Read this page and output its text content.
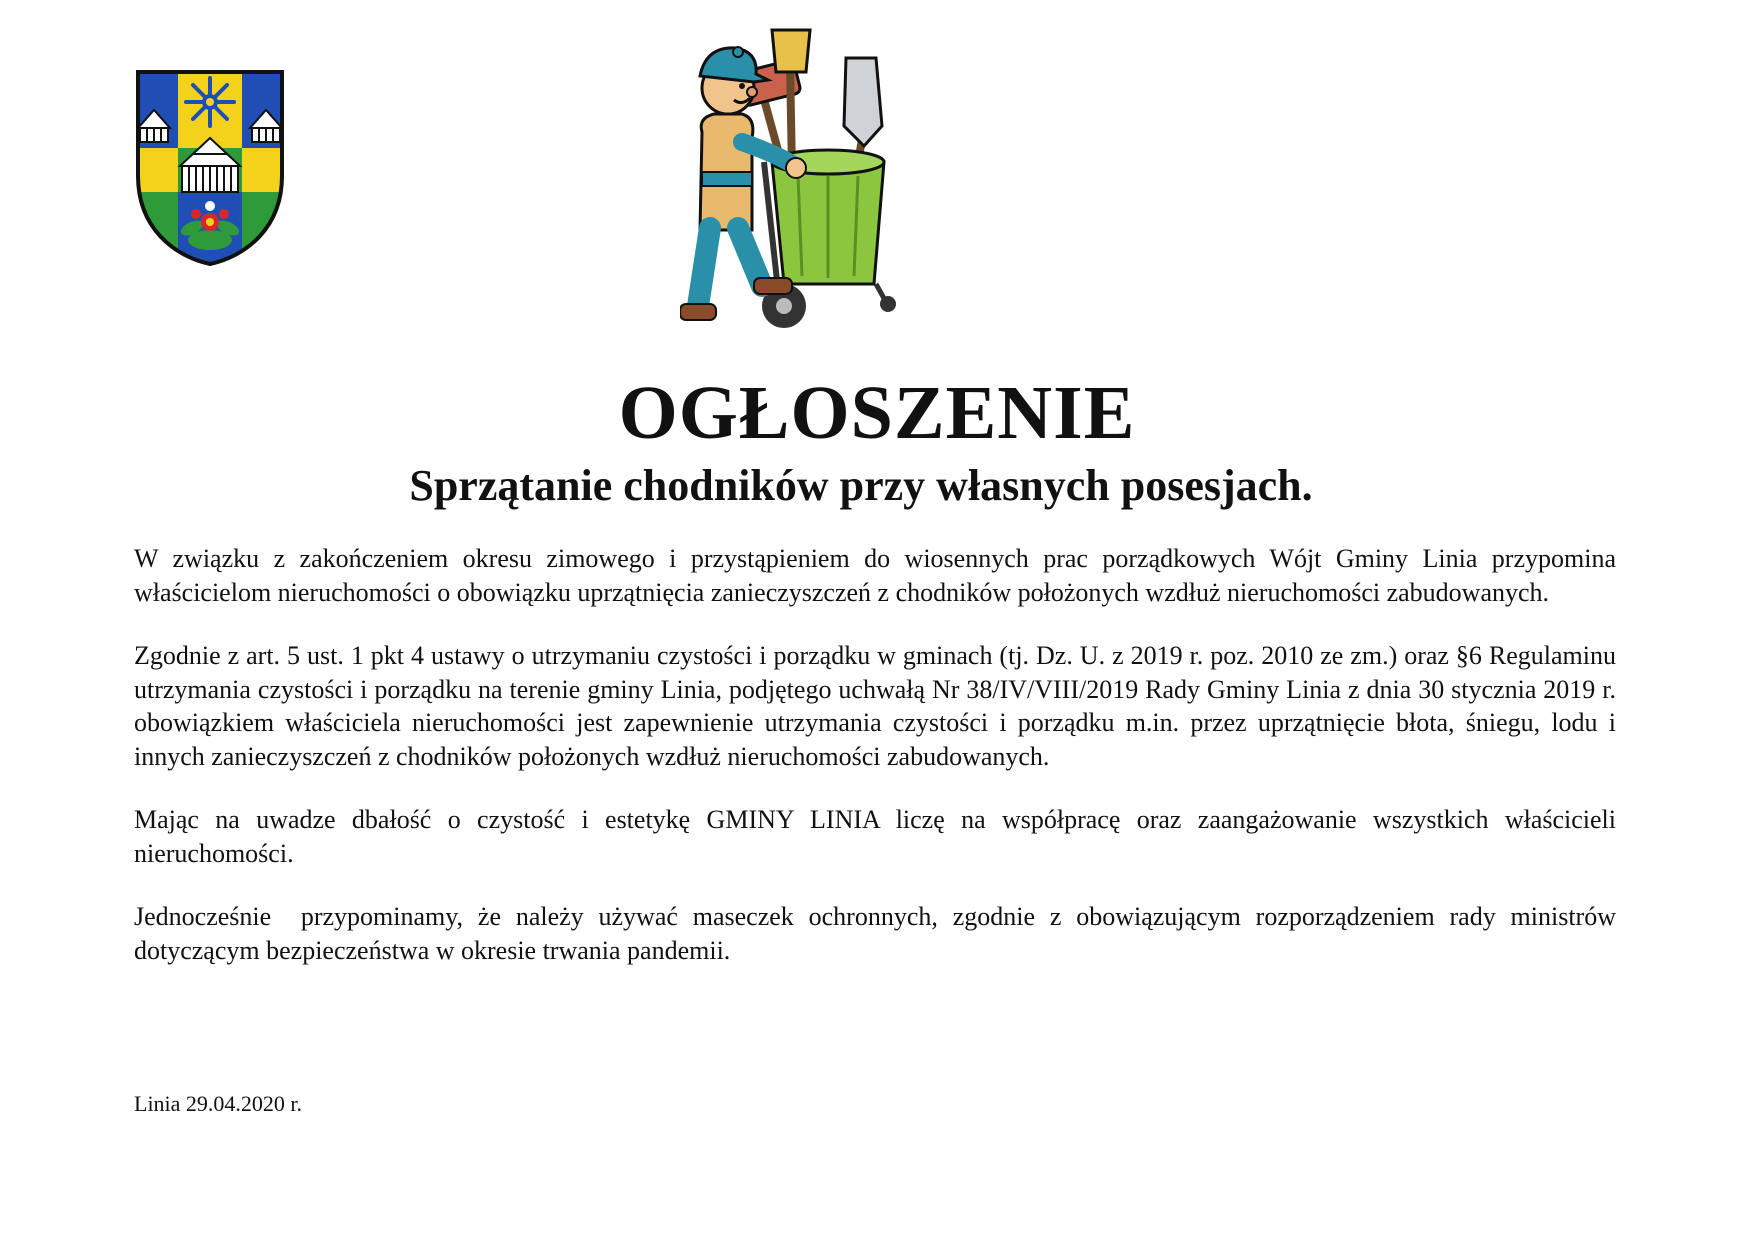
OGŁOSZENIE
Sprzątanie chodników przy własnych posesjach.

W związku z zakończeniem okresu zimowego i przystąpieniem do wiosennych prac porządkowych Wójt Gminy Linia przypomina właścicielom nieruchomości o obowiązku uprzątnięcia zanieczyszczeń z chodników położonych wzdłuż nieruchomości zabudowanych.

Zgodnie z art. 5 ust. 1 pkt 4 ustawy o utrzymaniu czystości i porządku w gminach (tj. Dz. U. z 2019 r. poz. 2010 ze zm.) oraz §6 Regulaminu utrzymania czystości i porządku na terenie gminy Linia, podjętego uchwałą Nr 38/IV/VIII/2019 Rady Gminy Linia z dnia 30 stycznia 2019 r. obowiązkiem właściciela nieruchomości jest zapewnienie utrzymania czystości i porządku m.in. przez uprzątnięcie błota, śniegu, lodu i innych zanieczyszczeń z chodników położonych wzdłuż nieruchomości zabudowanych.

Mając na uwadze dbałość o czystość i estetykę GMINY LINIA liczę na współpracę oraz zaangażowanie wszystkich właścicieli nieruchomości.

Jednocześnie  przypominamy, że należy używać maseczek ochronnych, zgodnie z obowiązującym rozporządzeniem rady ministrów dotyczącym bezpieczeństwa w okresie trwania pandemii.

Linia 29.04.2020 r.
